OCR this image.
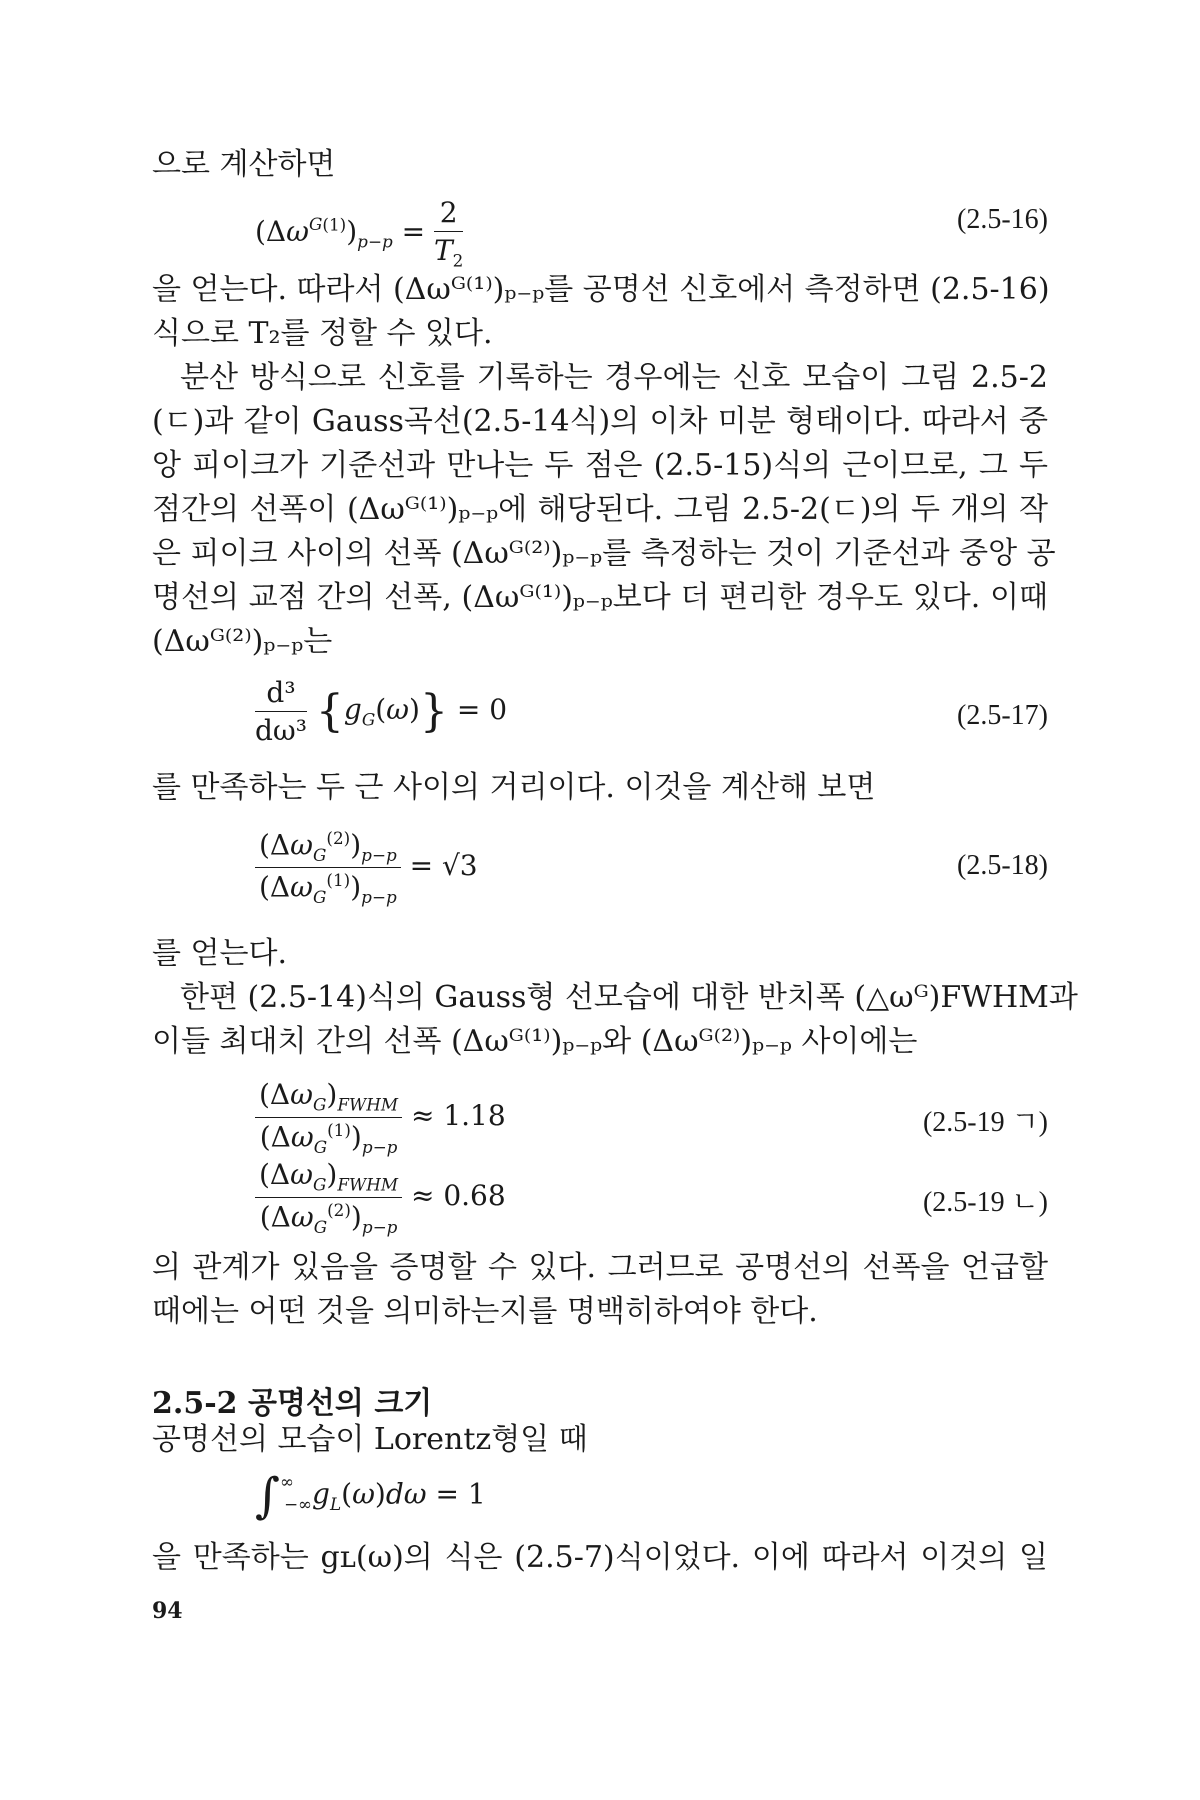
으로 계산하면
$(\Delta\omega^{G(1)})_{p-p} = \frac{2}{T_2}$	(2.5-16)
을 얻는다. 따라서 (Δωᴳ⁽¹⁾)ₚ₋ₚ를 공명선 신호에서 측정하면 (2.5-16)
식으로 T₂를 정할 수 있다.
분산 방식으로 신호를 기록하는 경우에는 신호 모습이 그림 2.5-2
(ㄷ)과 같이 Gauss곡선(2.5-14식)의 이차 미분 형태이다. 따라서 중
앙 피이크가 기준선과 만나는 두 점은 (2.5-15)식의 근이므로, 그 두
점간의 선폭이 (Δωᴳ⁽¹⁾)ₚ₋ₚ에 해당된다. 그림 2.5-2(ㄷ)의 두 개의 작
은 피이크 사이의 선폭 (Δωᴳ⁽²⁾)ₚ₋ₚ를 측정하는 것이 기준선과 중앙 공
명선의 교점 간의 선폭, (Δωᴳ⁽¹⁾)ₚ₋ₚ보다 더 편리한 경우도 있다. 이때
(Δωᴳ⁽²⁾)ₚ₋ₚ는
$\frac{\text{d³}}{\text{dω³}} \{g_G(\omega)\} = 0$	(2.5-17)
를 만족하는 두 근 사이의 거리이다. 이것을 계산해 보면
$\frac{(\Delta\omega_G^{(2)})_{p-p}}{(\Delta\omega_G^{(1)})_{p-p}} = √3$	(2.5-18)
를 얻는다.
한편 (2.5-14)식의 Gauss형 선모습에 대한 반치폭 (△ωᴳ)FWHM과
이들 최대치 간의 선폭 (Δωᴳ⁽¹⁾)ₚ₋ₚ와 (Δωᴳ⁽²⁾)ₚ₋ₚ 사이에는
$\frac{(\Delta\omega_G)_{FWHM}}{(\Delta\omega_G^{(1)})_{p-p}} \approx 1.18$	(2.5-19 ㄱ)
$\frac{(\Delta\omega_G)_{FWHM}}{(\Delta\omega_G^{(2)})_{p-p}} \approx 0.68$	(2.5-19 ㄴ)
의 관계가 있음을 증명할 수 있다. 그러므로 공명선의 선폭을 언급할
때에는 어떤 것을 의미하는지를 명백히하여야 한다.
2.5-2 공명선의 크기
공명선의 모습이 Lorentz형일 때
$\int^\infty_{-\infty}g_L(\omega)d\omega = 1$
을 만족하는 gʟ(ω)의 식은 (2.5-7)식이었다. 이에 따라서 이것의 일
94
